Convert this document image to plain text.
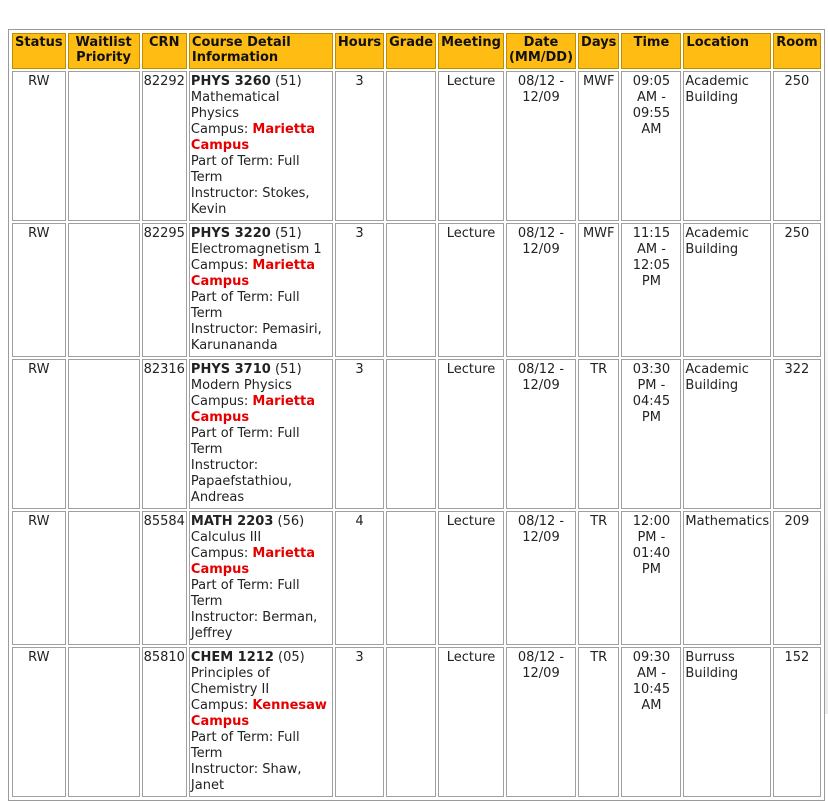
Status	Waitlist Priority	CRN	Course Detail Information	Hours	Grade	Meeting	Date (MM/DD)	Days	Time	Location	Room
RW		82292	PHYS 3260 (51)
Mathematical Physics
Campus: Marietta Campus
Part of Term: Full Term
Instructor: Stokes, Kevin	3		Lecture	08/12 - 12/09	MWF	09:05 AM - 09:55 AM	Academic Building	250
RW		82295	PHYS 3220 (51)
Electromagnetism 1
Campus: Marietta Campus
Part of Term: Full Term
Instructor: Pemasiri, Karunananda	3		Lecture	08/12 - 12/09	MWF	11:15 AM - 12:05 PM	Academic Building	250
RW		82316	PHYS 3710 (51)
Modern Physics
Campus: Marietta Campus
Part of Term: Full Term
Instructor: Papaefstathiou, Andreas	3		Lecture	08/12 - 12/09	TR	03:30 PM - 04:45 PM	Academic Building	322
RW		85584	MATH 2203 (56)
Calculus III
Campus: Marietta Campus
Part of Term: Full Term
Instructor: Berman, Jeffrey	4		Lecture	08/12 - 12/09	TR	12:00 PM - 01:40 PM	Mathematics	209
RW		85810	CHEM 1212 (05)
Principles of Chemistry II
Campus: Kennesaw Campus
Part of Term: Full Term
Instructor: Shaw, Janet	3		Lecture	08/12 - 12/09	TR	09:30 AM - 10:45 AM	Burruss Building	152
